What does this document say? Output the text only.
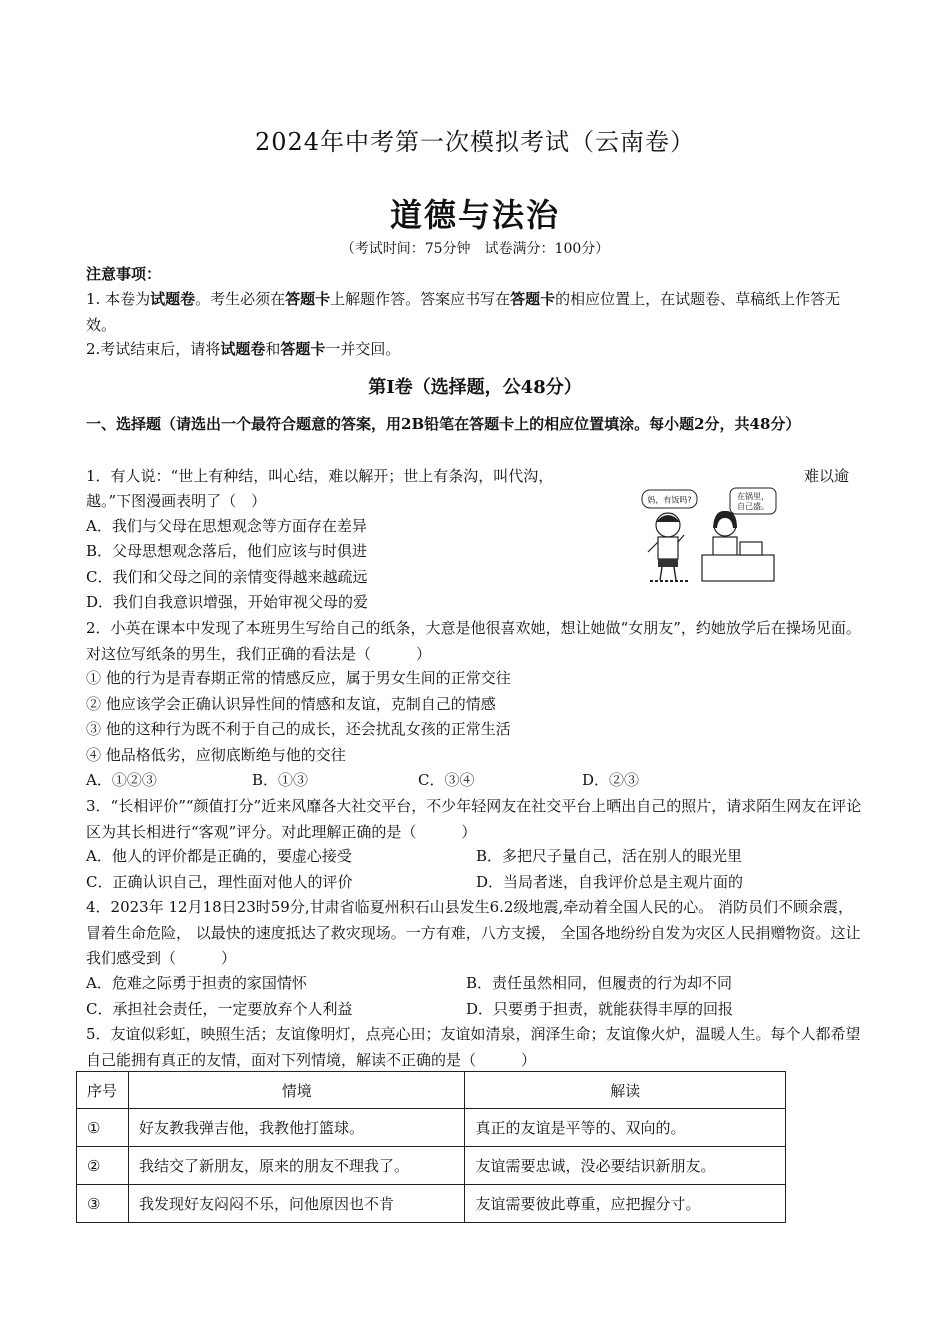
2024年中考第一次模拟考试（云南卷）
道德与法治
（考试时间：75分钟　试卷满分：100分）
注意事项：
1. 本卷为试题卷。考生必须在答题卡上解题作答。答案应书写在答题卡的相应位置上，在试题卷、草稿纸上作答无效。
2.考试结束后，请将试题卷和答题卡一并交回。
第Ⅰ卷（选择题，公48分）
一、选择题（请选出一个最符合题意的答案，用2B铅笔在答题卡上的相应位置填涂。每小题2分，共48分）
1．有人说：“世上有种结，叫心结，难以解开；世上有条沟，叫代沟，	难以逾
越。”下图漫画表明了（　）
A．我们与父母在思想观念等方面存在差异
B．父母思想观念落后，他们应该与时俱进
C．我们和父母之间的亲情变得越来越疏远
D．我们自我意识增强，开始审视父母的爱
妈，有饭吗?	在锅里，
自己盛。
2．小英在课本中发现了本班男生写给自己的纸条，大意是他很喜欢她，想让她做“女朋友”，约她放学后在操场见面。对这位写纸条的男生，我们正确的看法是（　　　）
① 他的行为是青春期正常的情感反应，属于男女生间的正常交往
② 他应该学会正确认识异性间的情感和友谊，克制自己的情感
③ 他的这种行为既不利于自己的成长，还会扰乱女孩的正常生活
④ 他品格低劣，应彻底断绝与他的交往
A．①②③	B．①③	C．③④	D．②③
3．“长相评价”“颜值打分”近来风靡各大社交平台，不少年轻网友在社交平台上晒出自己的照片，请求陌生网友在评论区为其长相进行“客观”评分。对此理解正确的是（　　　）
A．他人的评价都是正确的，要虚心接受	B．多把尺子量自己，活在别人的眼光里
C．正确认识自己，理性面对他人的评价	D．当局者迷，自我评价总是主观片面的
4．2023年 12月18日23时59分,甘肃省临夏州积石山县发生6.2级地震,牵动着全国人民的心。 消防员们不顾余震， 冒着生命危险， 以最快的速度抵达了救灾现场。一方有难，八方支援， 全国各地纷纷自发为灾区人民捐赠物资。这让我们感受到（　　　）
A．危难之际勇于担责的家国情怀	B．责任虽然相同，但履责的行为却不同
C．承担社会责任，一定要放弃个人利益	D．只要勇于担责，就能获得丰厚的回报
5．友谊似彩虹，映照生活；友谊像明灯，点亮心田；友谊如清泉，润泽生命；友谊像火炉，温暖人生。每个人都希望自己能拥有真正的友情，面对下列情境，解读不正确的是（　　　）
序号	情境	解读
①	好友教我弹吉他，我教他打篮球。	真正的友谊是平等的、双向的。
②	我结交了新朋友，原来的朋友不理我了。	友谊需要忠诚，没必要结识新朋友。
③	我发现好友闷闷不乐，问他原因也不肯	友谊需要彼此尊重，应把握分寸。
